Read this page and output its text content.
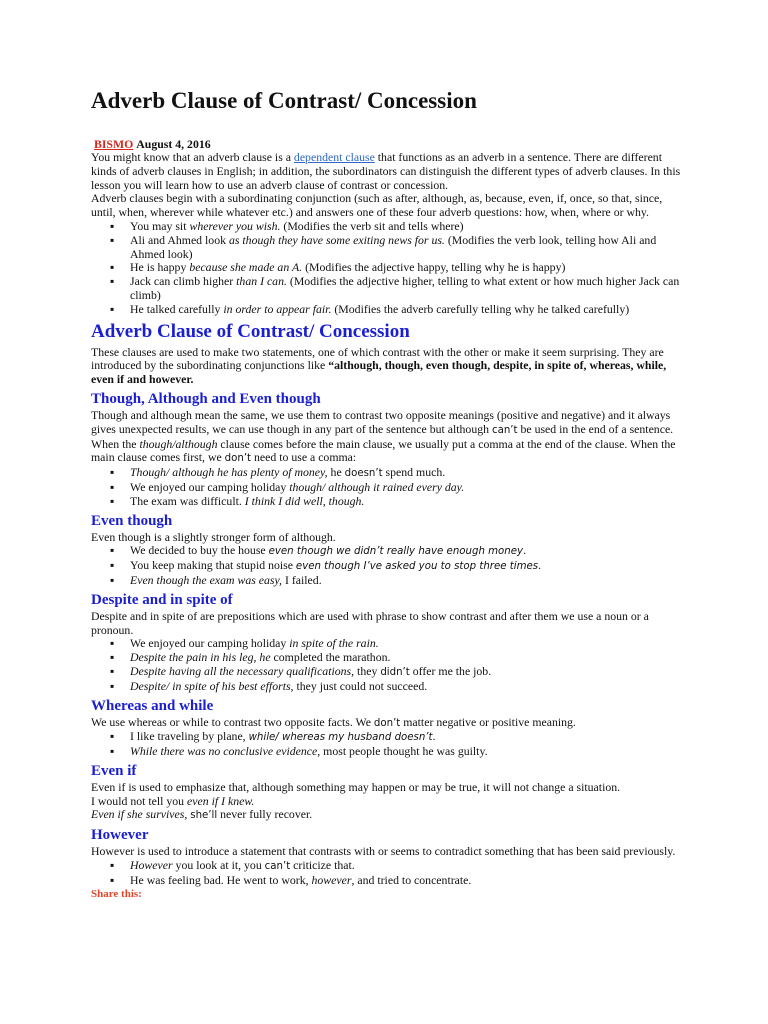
Adverb Clause of Contrast/ Concession

BISMO August 4, 2016

You might know that an adverb clause is a dependent clause that functions as an adverb in a sentence. There are different kinds of adverb clauses in English; in addition, the subordinators can distinguish the different types of adverb clauses. In this lesson you will learn how to use an adverb clause of contrast or concession.

Adverb clauses begin with a subordinating conjunction (such as after, although, as, because, even, if, once, so that, since, until, when, wherever while whatever etc.) and answers one of these four adverb questions: how, when, where or why.

▪ You may sit wherever you wish. (Modifies the verb sit and tells where)
▪ Ali and Ahmed look as though they have some exiting news for us. (Modifies the verb look, telling how Ali and Ahmed look)
▪ He is happy because she made an A. (Modifies the adjective happy, telling why he is happy)
▪ Jack can climb higher than I can. (Modifies the adjective higher, telling to what extent or how much higher Jack can climb)
▪ He talked carefully in order to appear fair. (Modifies the adverb carefully telling why he talked carefully)
Adverb Clause of Contrast/ Concession

These clauses are used to make two statements, one of which contrast with the other or make it seem surprising. They are introduced by the subordinating conjunctions like “although, though, even though, despite, in spite of, whereas, while, even if and however.

Though, Although and Even though

Though and although mean the same, we use them to contrast two opposite meanings (positive and negative) and it always gives unexpected results, we can use though in any part of the sentence but although can’t be used in the end of a sentence. When the though/although clause comes before the main clause, we usually put a comma at the end of the clause. When the main clause comes first, we don’t need to use a comma:

▪ Though/ although he has plenty of money, he doesn’t spend much.
▪ We enjoyed our camping holiday though/ although it rained every day.
▪ The exam was difficult. I think I did well, though.
Even though

Even though is a slightly stronger form of although.

▪ We decided to buy the house even though we didn’t really have enough money.
▪ You keep making that stupid noise even though I’ve asked you to stop three times.
▪ Even though the exam was easy, I failed.
Despite and in spite of

Despite and in spite of are prepositions which are used with phrase to show contrast and after them we use a noun or a pronoun.

▪ We enjoyed our camping holiday in spite of the rain.
▪ Despite the pain in his leg, he completed the marathon.
▪ Despite having all the necessary qualifications, they didn’t offer me the job.
▪ Despite/ in spite of his best efforts, they just could not succeed.
Whereas and while

We use whereas or while to contrast two opposite facts. We don’t matter negative or positive meaning.

▪ I like traveling by plane, while/ whereas my husband doesn’t.
▪ While there was no conclusive evidence, most people thought he was guilty.
Even if

Even if is used to emphasize that, although something may happen or may be true, it will not change a situation.

I would not tell you even if I knew.

Even if she survives, she’ll never fully recover.

However

However is used to introduce a statement that contrasts with or seems to contradict something that has been said previously.

▪ However you look at it, you can’t criticize that.
▪ He was feeling bad. He went to work, however, and tried to concentrate.

Share this:
